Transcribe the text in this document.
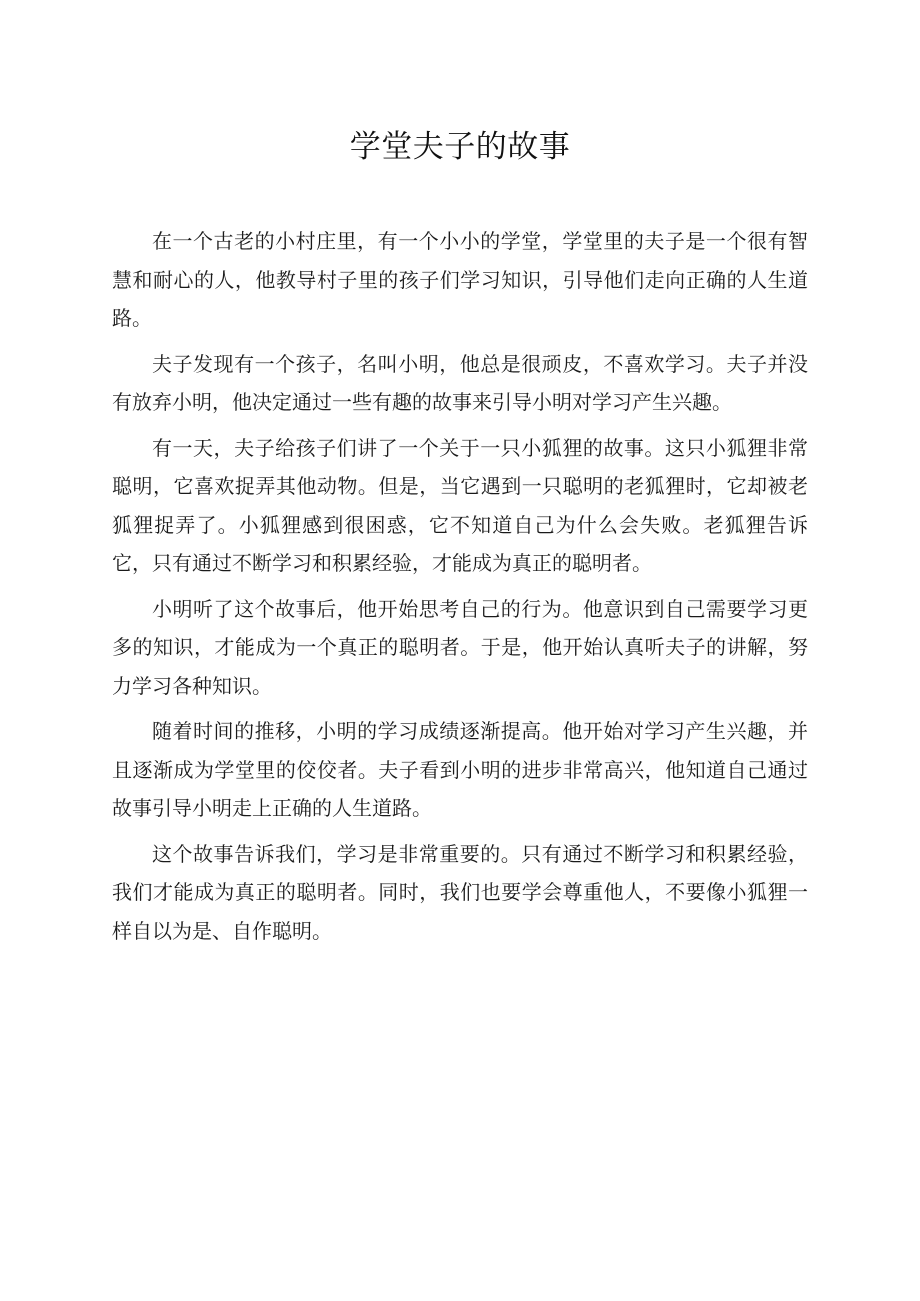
学堂夫子的故事

在一个古老的小村庄里，有一个小小的学堂，学堂里的夫子是一个很有智慧和耐心的人，他教导村子里的孩子们学习知识，引导他们走向正确的人生道路。

夫子发现有一个孩子，名叫小明，他总是很顽皮，不喜欢学习。夫子并没有放弃小明，他决定通过一些有趣的故事来引导小明对学习产生兴趣。

有一天，夫子给孩子们讲了一个关于一只小狐狸的故事。这只小狐狸非常聪明，它喜欢捉弄其他动物。但是，当它遇到一只聪明的老狐狸时，它却被老狐狸捉弄了。小狐狸感到很困惑，它不知道自己为什么会失败。老狐狸告诉它，只有通过不断学习和积累经验，才能成为真正的聪明者。

小明听了这个故事后，他开始思考自己的行为。他意识到自己需要学习更多的知识，才能成为一个真正的聪明者。于是，他开始认真听夫子的讲解，努力学习各种知识。

随着时间的推移，小明的学习成绩逐渐提高。他开始对学习产生兴趣，并且逐渐成为学堂里的佼佼者。夫子看到小明的进步非常高兴，他知道自己通过故事引导小明走上正确的人生道路。

这个故事告诉我们，学习是非常重要的。只有通过不断学习和积累经验，我们才能成为真正的聪明者。同时，我们也要学会尊重他人，不要像小狐狸一样自以为是、自作聪明。
